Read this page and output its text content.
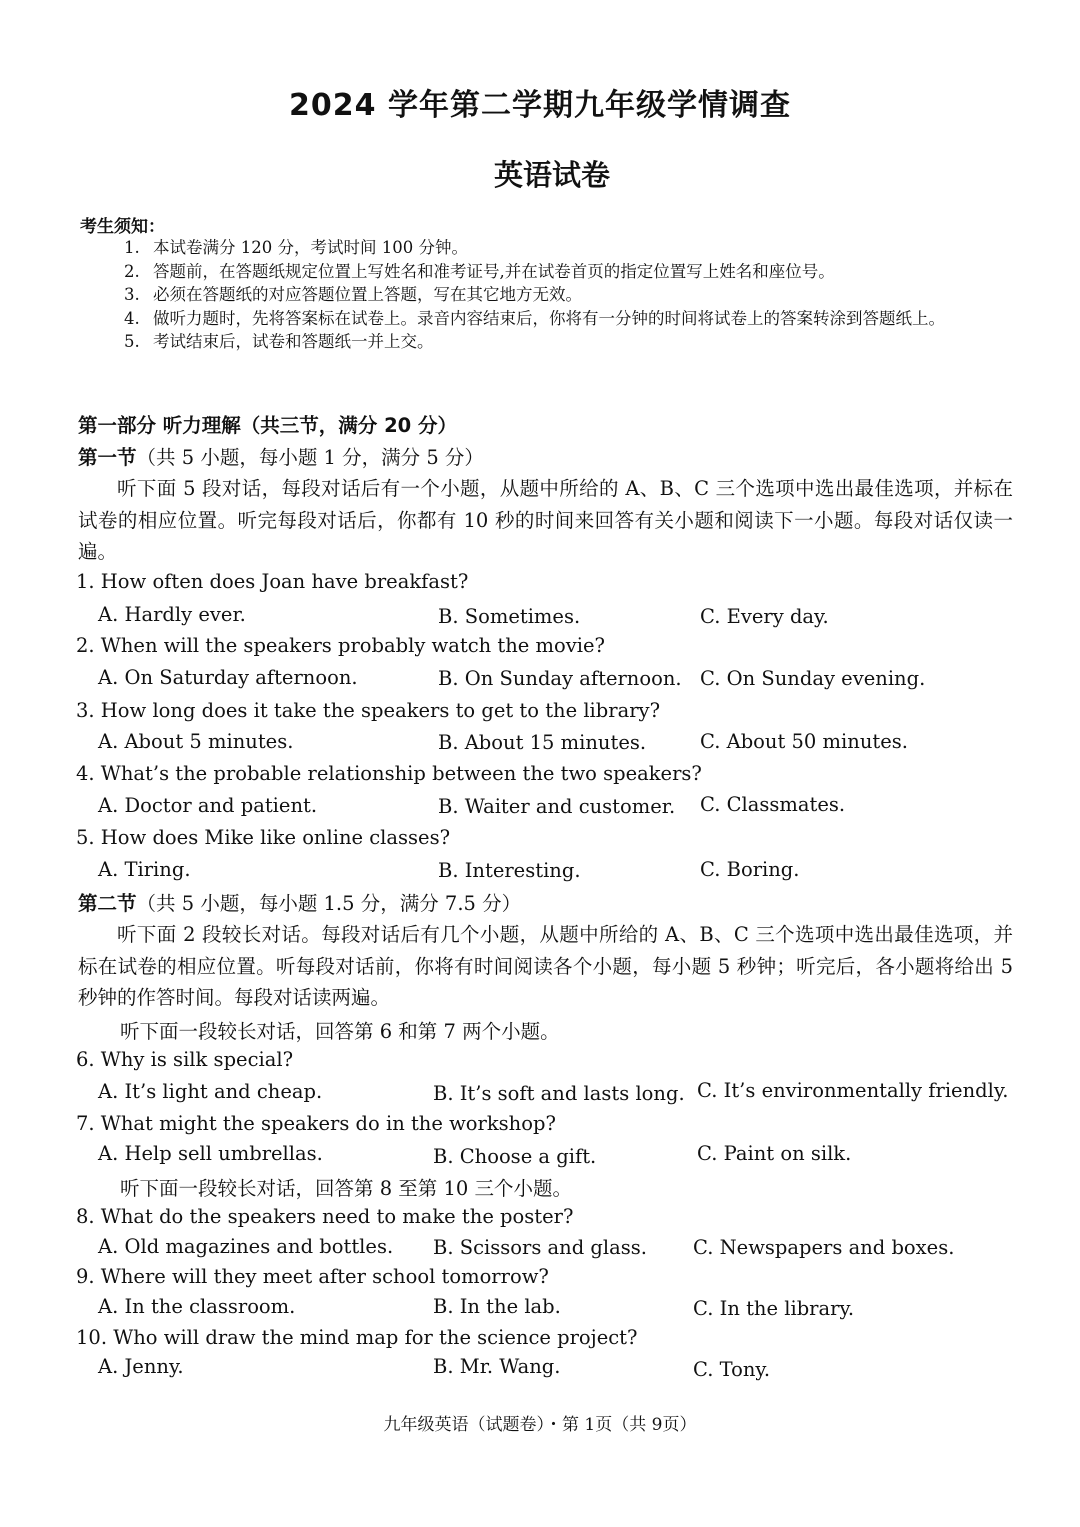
2024 学年第二学期九年级学情调查
英语试卷
考生须知：
1. 本试卷满分 120 分，考试时间 100 分钟。
2. 答题前，在答题纸规定位置上写姓名和准考证号,并在试卷首页的指定位置写上姓名和座位号。
3. 必须在答题纸的对应答题位置上答题，写在其它地方无效。
4. 做听力题时，先将答案标在试卷上。录音内容结束后，你将有一分钟的时间将试卷上的答案转涂到答题纸上。
5. 考试结束后，试卷和答题纸一并上交。
第一部分 听力理解（共三节，满分 20 分）
第一节（共 5 小题，每小题 1 分，满分 5 分）
听下面 5 段对话，每段对话后有一个小题，从题中所给的 A、B、C 三个选项中选出最佳选项，并标在试卷的相应位置。听完每段对话后，你都有 10 秒的时间来回答有关小题和阅读下一小题。每段对话仅读一遍。
1. How often does Joan have breakfast?
A. Hardly ever.	B. Sometimes.	C. Every day.
2. When will the speakers probably watch the movie?
A. On Saturday afternoon.	B. On Sunday afternoon. C. On Sunday evening.
3. How long does it take the speakers to get to the library?
A. About 5 minutes.	B. About 15 minutes.	C. About 50 minutes.
4. What’s the probable relationship between the two speakers?
A. Doctor and patient.	B. Waiter and customer. C. Classmates.
5. How does Mike like online classes?
A. Tiring.	B. Interesting.	C. Boring.
第二节（共 5 小题，每小题 1.5 分，满分 7.5 分）
听下面 2 段较长对话。每段对话后有几个小题，从题中所给的 A、B、C 三个选项中选出最佳选项，并标在试卷的相应位置。听每段对话前，你将有时间阅读各个小题，每小题 5 秒钟；听完后，各小题将给出 5 秒钟的作答时间。每段对话读两遍。
听下面一段较长对话，回答第 6 和第 7 两个小题。
6. Why is silk special?
A. It’s light and cheap.	B. It’s soft and lasts long. C. It’s environmentally friendly.
7. What might the speakers do in the workshop?
A. Help sell umbrellas.	B. Choose a gift.	C. Paint on silk.
听下面一段较长对话，回答第 8 至第 10 三个小题。
8. What do the speakers need to make the poster?
A. Old magazines and bottles. B. Scissors and glass. C. Newspapers and boxes.
9. Where will they meet after school tomorrow?
A. In the classroom.	B. In the lab.	C. In the library.
10. Who will draw the mind map for the science project?
A. Jenny.	B. Mr. Wang.	C. Tony.
九年级英语（试题卷）・第 1页（共 9页）
